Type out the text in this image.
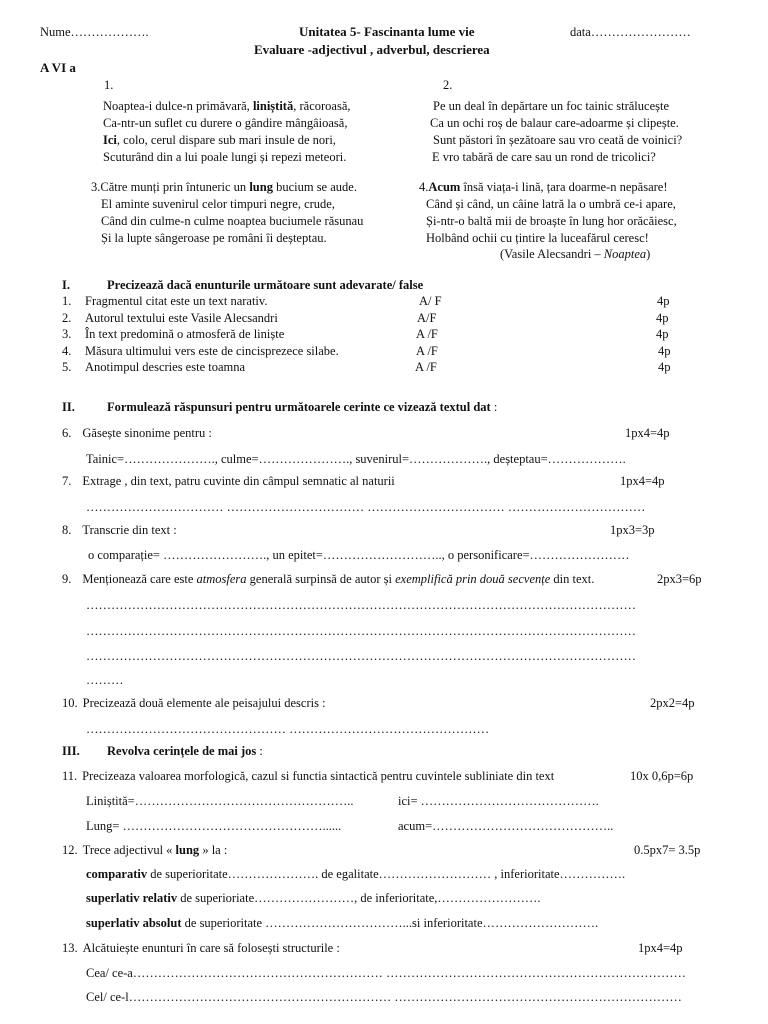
Nume……………….	Unitatea 5- Fascinanta lume vie	data……………………
Evaluare -adjectivul , adverbul, descrierea
A VI a
1.	2.
Noaptea-i dulce-n primăvară, liniștită, răcoroasă,
Ca-ntr-un suflet cu durere o gândire mângâioasă,
Ici, colo, cerul dispare sub mari insule de nori,
Scuturând din a lui poale lungi și repezi meteori.
Pe un deal în depărtare un foc tainic strălucește
Ca un ochi roș de balaur care-adoarme și clipește.
Sunt păstori în șezătoare sau vro ceată de voinici?
E vro tabără de care sau un rond de tricolici?
3.Către munți prin întuneric un lung bucium se aude.
El aminte suvenirul celor timpuri negre, crude,
Când din culme-n culme noaptea buciumele răsunau
Și la lupte sângeroase pe români îi deșteptau.
4.Acum însă viața-i lină, țara doarme-n nepăsare!
Când și când, un câine latră la o umbră ce-i apare,
Și-ntr-o baltă mii de broaște în lung hor orăcăiesc,
Holbând ochii cu țintire la luceafărul ceresc!
(Vasile Alecsandri – Noaptea)
I.	Precizează dacă enunturile următoare sunt adevarate/ false
1. Fragmentul citat este un text narativ.	A/ F	4p
2. Autorul textului este Vasile Alecsandri	A/F	4p
3. În text predomină o atmosferă de liniște	A /F	4p
4. Măsura ultimului vers este de cincisprezece silabe.	A /F	4p
5. Anotimpul descries este toamna	A /F	4p
II.	Formulează răspunsuri pentru următoarele cerinte ce vizează textul dat :
6. Găsește sinonime pentru :	1px4=4p
Tainic=…………………., culme=…………………., suvenirul=………………., deșteptau=……………….
7. Extrage , din text, patru cuvinte din câmpul semnatic al naturii	1px4=4p
…………………………… …………………………… …………………………… ……………………………
8. Transcrie din text :	1px3=3p
o comparație= ……………………., un epitet=……………………….., o personificare=……………………
9. Menționează care este atmosfera generală surpinsă de autor și exemplifică prin două secvențe din text.	2px3=6p
……………………………………………………………………………………………………………………
……………………………………………………………………………………………………………………
……………………………………………………………………………………………………………………
………
10. Precizează două elemente ale peisajului descris :	2px2=4p
………………………………………… …………………………………………
III. Revolva cerințele de mai jos :
11. Precizeaza valoarea morfologică, cazul si functia sintactică pentru cuvintele subliniate din text	10x 0,6p=6p
Liniștită=……………………………………………..	ici= …………………………………….
Lung= …………………………………………......	acum=……………………………………..
12. Trece adjectivul « lung » la :	0.5px7= 3.5p
comparativ de superioritate…………………. de egalitate……………………… , inferioritate…………….
superlativ relativ de superioriate……………………, de inferioritate,…………………….
superlativ absolut de superioritate ……………………………...si inferioritate……………………….
13. Alcătuiește enunturi în care să folosești structurile :	1px4=4p
Cea/ ce-a…………………………………………………… ………………………………………………………………
Cel/ ce-l……………………………………………………… ……………………………………………………………
